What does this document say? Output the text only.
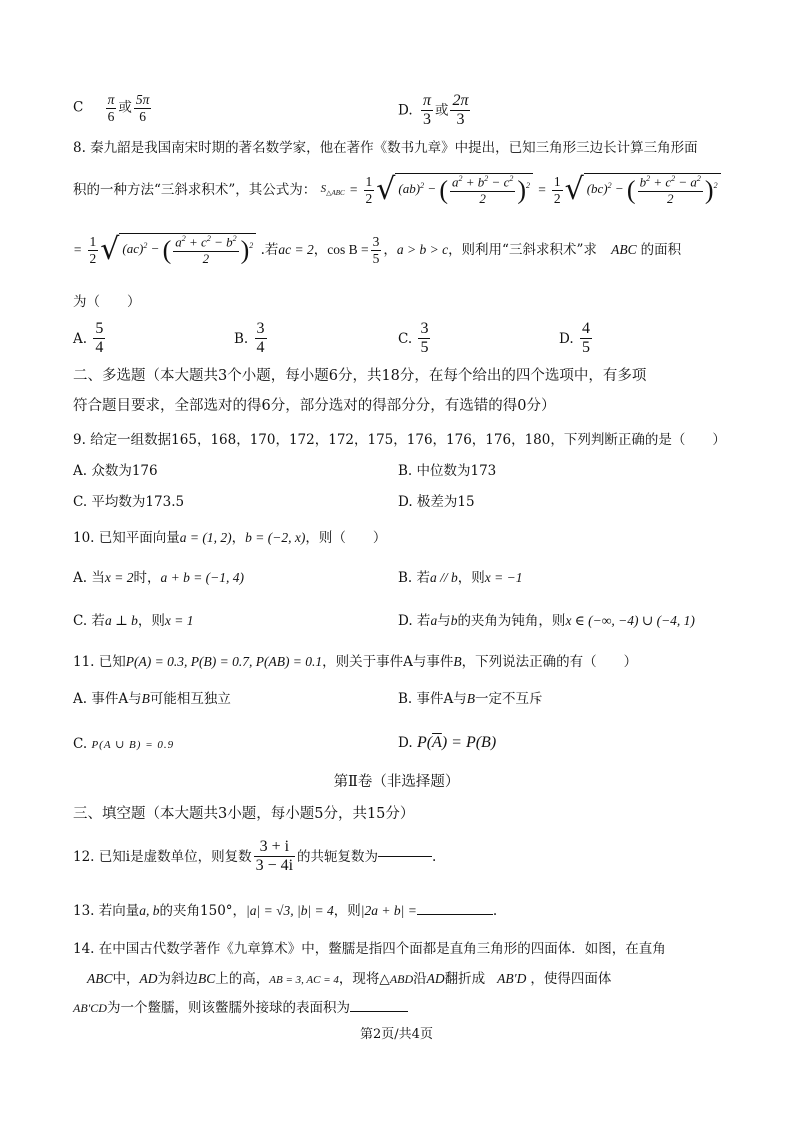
C $\frac{\pi}{6}$ 或 $\frac{5\pi}{6}$	D. $\frac{\pi}{3}$ 或 $\frac{2\pi}{3}$
8. 秦九韶是我国南宋时期的著名数学家，他在著作《数书九章》中提出，已知三角形三边长计算三角形面
积的一种方法“三斜求积术”，其公式为： $S_{\triangle ABC} = \frac{1}{2}$ √ (ab)$^2$ − ( $\frac{a^2 + b^2 - c^2}{2} )^2 = \frac{1}{2}$ √ (bc)$^2$ − ( $\frac{b^2 + c^2 - a^2}{2} )^2$
= $\frac{1}{2}$ √ (ac)$^2$ − ( $\frac{a^2 + c^2 - b^2}{2} )^2$ .若ac = 2，$\cos B = \frac{3}{5}$ ，a > b > c，则利用“三斜求积术”求 ABC 的面积
为（　　）
A. $\frac{5}{4}$	B. $\frac{3}{4}$	C. $\frac{3}{5}$	D. $\frac{4}{5}$
二、多选题（本大题共3个小题，每小题6分，共18分，在每个给出的四个选项中，有多项
符合题目要求，全部选对的得6分，部分选对的得部分分，有选错的得0分）
9. 给定一组数据165，168，170，172，172，175，176，176，176，180，下列判断正确的是（　　）
A. 众数为176	B. 中位数为173
C. 平均数为173.5	D. 极差为15
10. 已知平面向量a = (1, 2)，b = (−2, x)，则（　　）
A. 当x = 2时，a + b = (−1, 4)	B. 若a // b，则x = −1
C. 若a ⊥ b，则x = 1	D. 若a与b的夹角为钝角，则x ∈ (−∞, −4) ∪ (−4, 1)
11. 已知P(A) = 0.3, P(B) = 0.7, P(AB) = 0.1，则关于事件A与事件B，下列说法正确的有（　　）
A. 事件A与B可能相互独立	B. 事件A与B一定不互斥
C. P(A ∪ B) = 0.9	D. $P(\overline{A}) = P(B)$
第Ⅱ卷（非选择题）
三、填空题（本大题共3小题，每小题5分，共15分）
12. 已知i是虚数单位，则复数 $\frac{3 + i}{3 - 4i}$ 的共轭复数为	.
13. 若向量a, b的夹角150°，|a| = √3, |b| = 4，则|2a + b| =	.
14. 在中国古代数学著作《九章算术》中，鳖臑是指四个面都是直角三角形的四面体．如图，在直角
ABC中，AD为斜边BC上的高，AB = 3, AC = 4，现将△ABD沿AD翻折成 AB′D ，使得四面体
AB′CD为一个鳖臑，则该鳖臑外接球的表面积为
第2页/共4页
